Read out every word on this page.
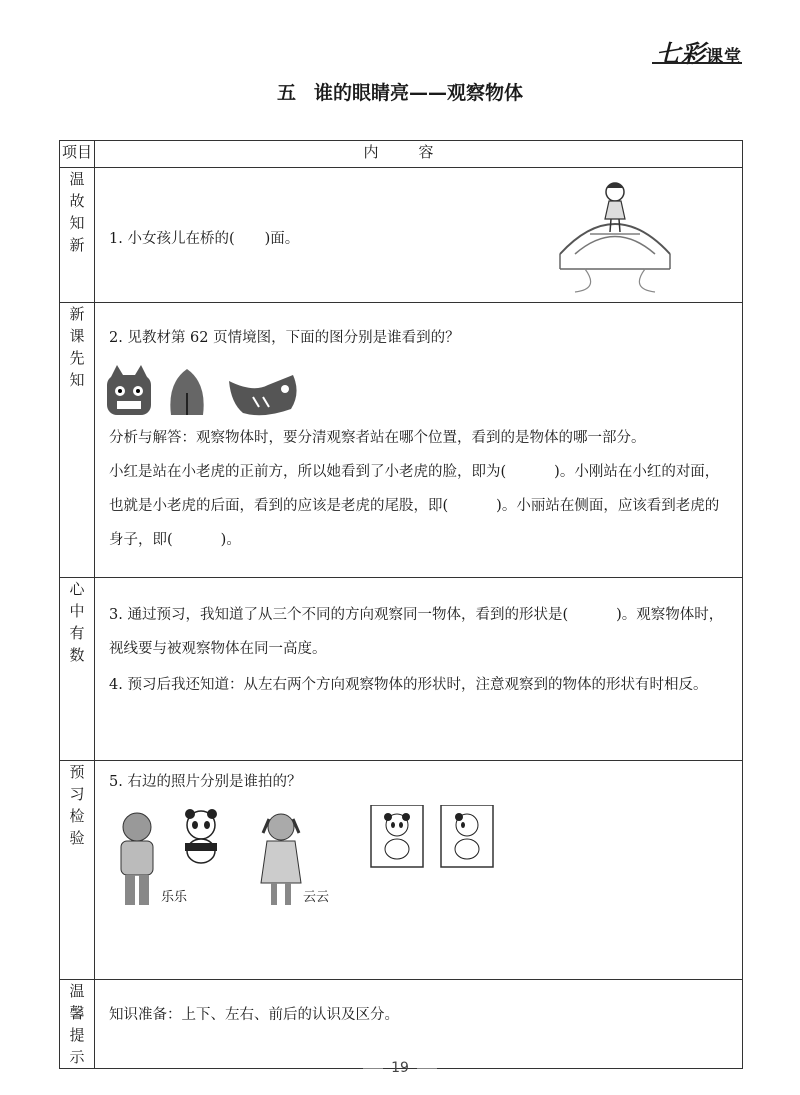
七彩课堂
五 谁的眼睛亮——观察物体
项目	内容
温故知新	1. 小女孩儿在桥的( )面。

新课先知	2. 见教材第 62 页情境图，下面的图分别是谁看到的？
分析与解答：观察物体时，要分清观察者站在哪个位置，看到的是物体的哪一部分。
小红是站在小老虎的正前方，所以她看到了小老虎的脸，即为( )。小刚站在小红的对面，也就是小老虎的后面，看到的应该是老虎的尾股，即( )。小丽站在侧面，应该看到老虎的身子，即( )。

心中有数	3. 通过预习，我知道了从三个不同的方向观察同一物体，看到的形状是( )。观察物体时，视线要与被观察物体在同一高度。
4. 预习后我还知道：从左右两个方向观察物体的形状时，注意观察到的物体的形状有时相反。

预习检验	5. 右边的照片分别是谁拍的？
乐乐 云云

温馨提示	知识准备：上下、左右、前后的认识及区分。
19
